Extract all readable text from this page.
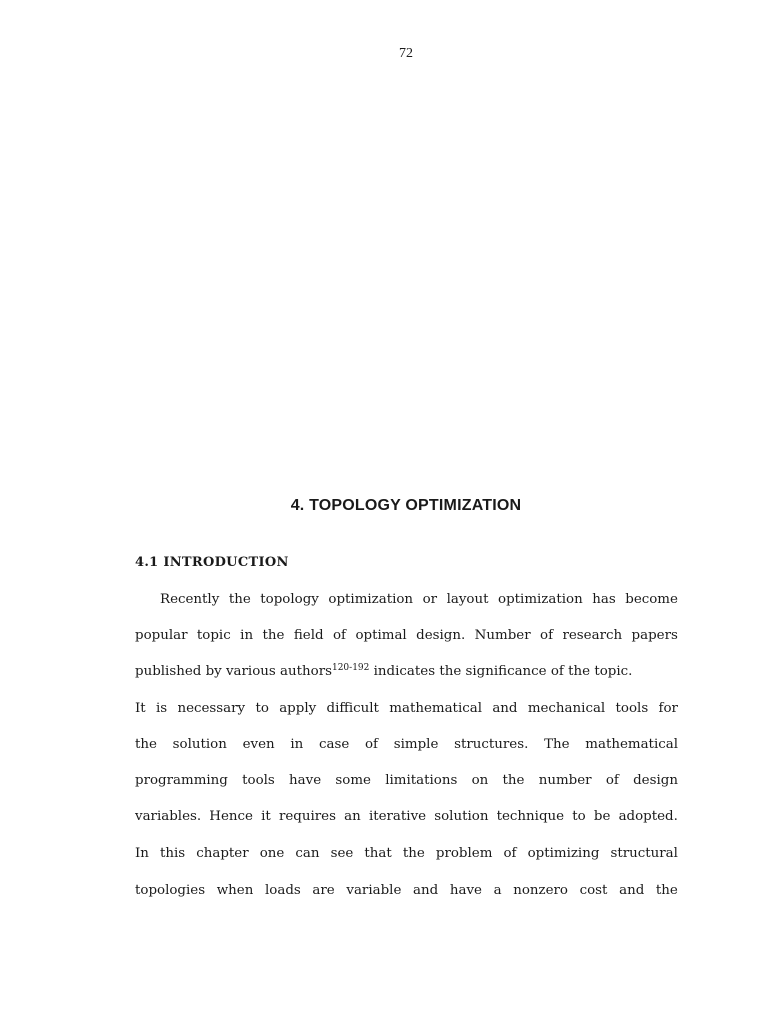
72
4. TOPOLOGY OPTIMIZATION
4.1 INTRODUCTION
Recently the topology optimization or layout optimization has become
popular topic in the field of optimal design. Number of research papers
published by various authors$^{120-192}$ indicates the significance of the topic.
It is necessary to apply difficult mathematical and mechanical tools for
the solution even in case of simple structures. The mathematical
programming tools have some limitations on the number of design
variables. Hence it requires an iterative solution technique to be adopted.
In this chapter one can see that the problem of optimizing structural
topologies when loads are variable and have a nonzero cost and the
